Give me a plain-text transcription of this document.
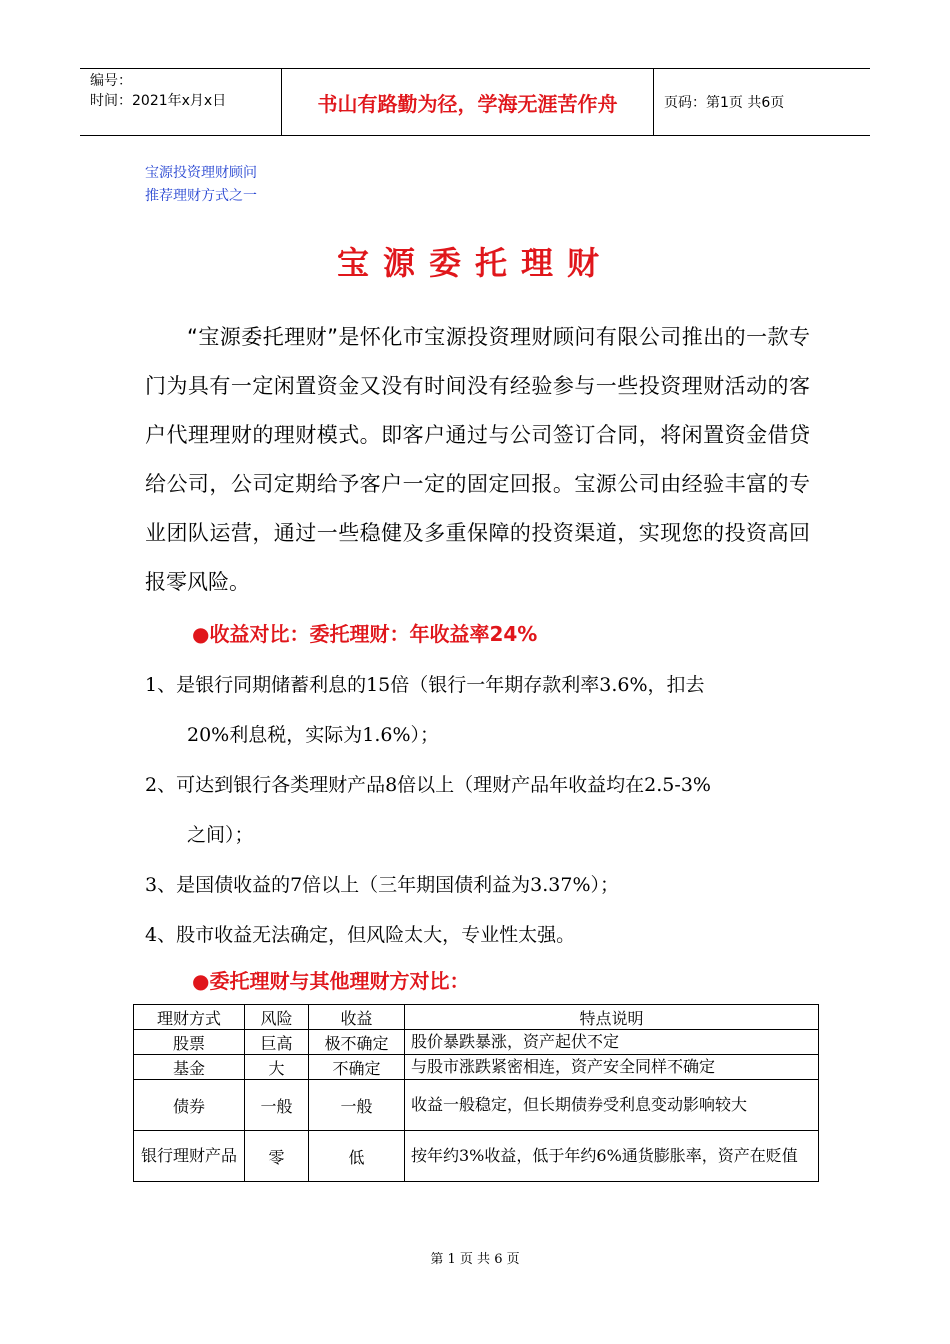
编号：
时间：2021年x月x日	书山有路勤为径，学海无涯苦作舟	页码：第1页 共6页
宝源投资理财顾问
推荐理财方式之一
宝源委托理财
“宝源委托理财”是怀化市宝源投资理财顾问有限公司推出的一款专门为具有一定闲置资金又没有时间没有经验参与一些投资理财活动的客户代理理财的理财模式。即客户通过与公司签订合同，将闲置资金借贷给公司，公司定期给予客户一定的固定回报。宝源公司由经验丰富的专业团队运营，通过一些稳健及多重保障的投资渠道，实现您的投资高回报零风险。
●收益对比：委托理财：年收益率24%
1、是银行同期储蓄利息的15倍（银行一年期存款利率3.6%，扣去
20%利息税，实际为1.6%）；
2、可达到银行各类理财产品8倍以上（理财产品年收益均在2.5-3%
之间）；
3、是国债收益的7倍以上（三年期国债利益为3.37%）；
4、股市收益无法确定，但风险太大，专业性太强。
●委托理财与其他理财方对比：
理财方式	风险	收益	特点说明
股票	巨高	极不确定	股价暴跌暴涨，资产起伏不定
基金	大	不确定	与股市涨跌紧密相连，资产安全同样不确定
债券	一般	一般	收益一般稳定，但长期债券受利息变动影响较大
银行理财产品	零	低	按年约3%收益，低于年约6%通货膨胀率，资产在贬值
第 1 页 共 6 页
